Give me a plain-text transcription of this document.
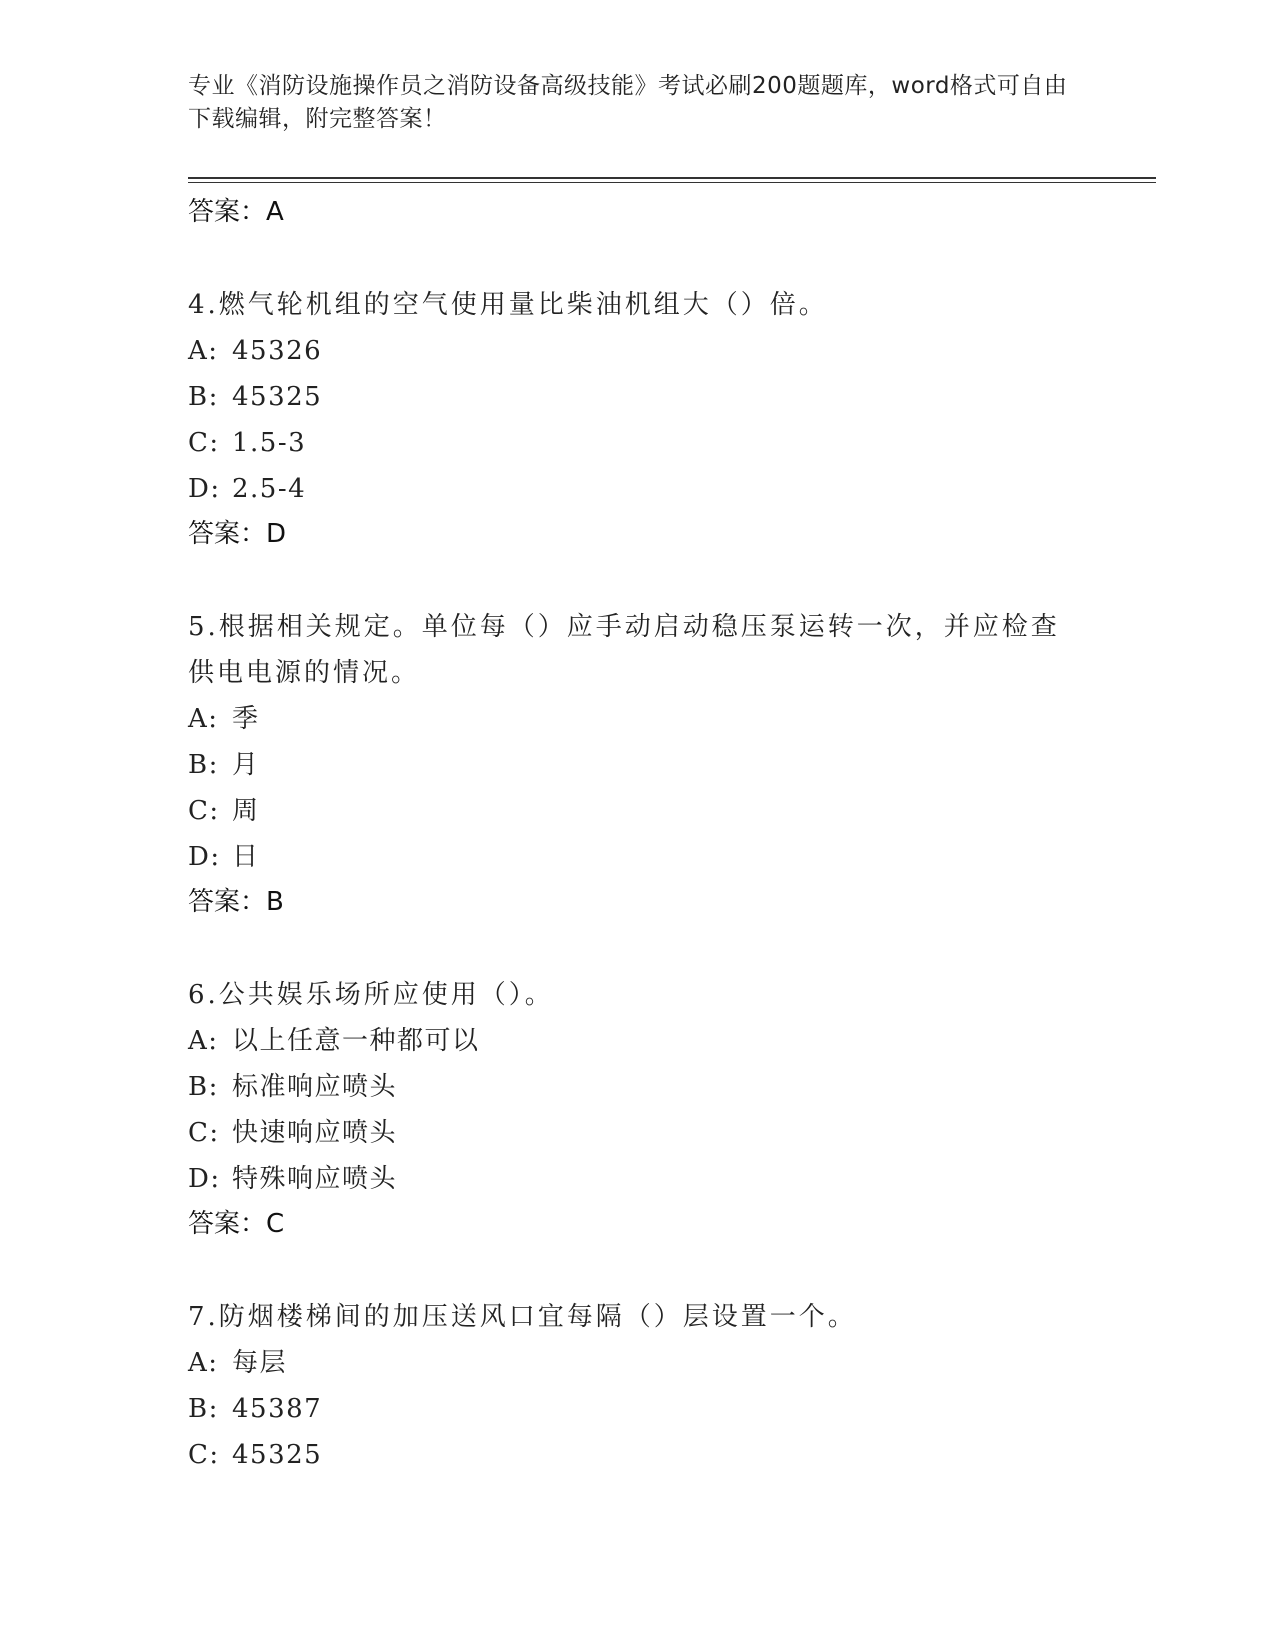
专业《消防设施操作员之消防设备高级技能》考试必刷200题题库，word格式可自由下载编辑，附完整答案！
答案：A
4.燃气轮机组的空气使用量比柴油机组大（）倍。
A: 45326
B: 45325
C: 1.5-3
D: 2.5-4
答案：D
5.根据相关规定。单位每（）应手动启动稳压泵运转一次，并应检查供电电源的情况。
A: 季
B: 月
C: 周
D: 日
答案：B
6.公共娱乐场所应使用（）。
A: 以上任意一种都可以
B: 标准响应喷头
C: 快速响应喷头
D: 特殊响应喷头
答案：C
7.防烟楼梯间的加压送风口宜每隔（）层设置一个。
A: 每层
B: 45387
C: 45325
